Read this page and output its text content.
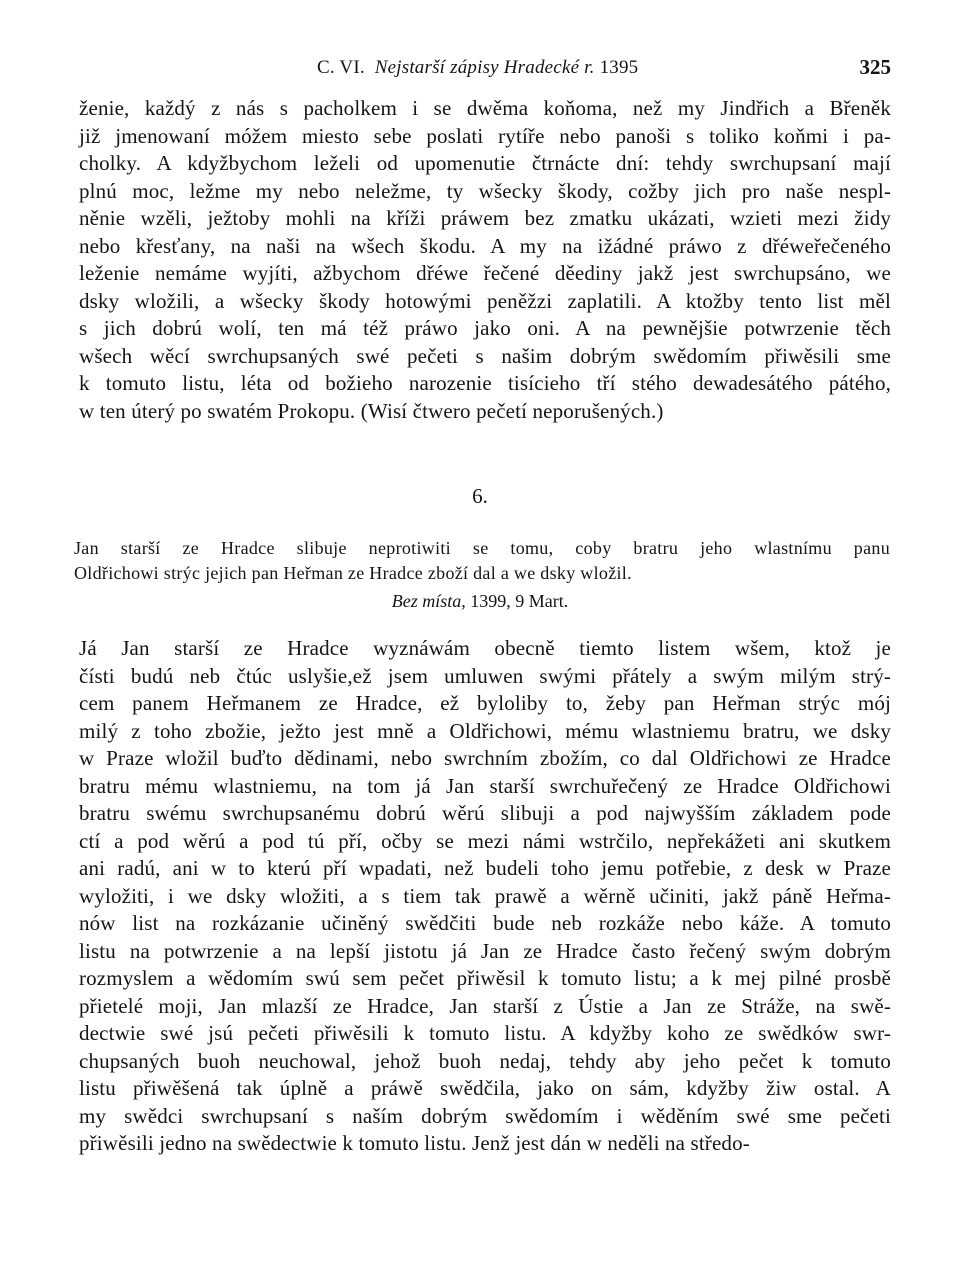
C. VI. Nejstarší zápisy Hradecké r. 1395	325
ženie, každý z nás s pacholkem i se dwěma koňoma, než my Jindřich a Břeněk
již jmenowaní móžem miesto sebe poslati rytíře nebo panoši s toliko koňmi i pa-
cholky. A kdyžbychom leželi od upomenutie čtrnácte dní: tehdy swrchupsaní mají
plnú moc, ležme my nebo neležme, ty wšecky škody, cožby jich pro naše nespl-
něnie wzěli, ježtoby mohli na kříži práwem bez zmatku ukázati, wzieti mezi židy
nebo křesťany, na naši na wšech škodu. A my na ižádné práwo z dřéweřečeného
leženie nemáme wyjíti, ažbychom dřéwe řečené děediny jakž jest swrchupsáno, we
dsky wložili, a wšecky škody hotowými peněžzi zaplatili. A ktožby tento list měl
s jich dobrú wolí, ten má též práwo jako oni. A na pewnějšie potwrzenie těch
wšech wěcí swrchupsaných swé pečeti s našim dobrým swědomím přiwěsili sme
k tomuto listu, léta od božieho narozenie tisícieho tří stého dewadesátého pátého,
w ten úterý po swatém Prokopu. (Wisí čtwero pečetí neporušených.)
6.
Jan starší ze Hradce slibuje neprotiwiti se tomu, coby bratru jeho wlastnímu panu
Oldřichowi strýc jejich pan Heřman ze Hradce zboží dal a we dsky wložil.
Bez místa, 1399, 9 Mart.
Já Jan starší ze Hradce wyznáwám obecně tiemto listem wšem, ktož je
čísti budú neb čtúc uslyšie,ež jsem umluwen swými přátely a swým milým strý-
cem panem Heřmanem ze Hradce, ež byloliby to, žeby pan Heřman strýc mój
milý z toho zbožie, ježto jest mně a Oldřichowi, mému wlastniemu bratru, we dsky
w Praze wložil buďto dědinami, nebo swrchním zbožím, co dal Oldřichowi ze Hradce
bratru mému wlastniemu, na tom já Jan starší swrchuřečený ze Hradce Oldřichowi
bratru swému swrchupsanému dobrú wěrú slibuji a pod najwyšším základem pode
ctí a pod wěrú a pod tú pří, očby se mezi námi wstrčilo, nepřekážeti ani skutkem
ani radú, ani w to kterú pří wpadati, než budeli toho jemu potřebie, z desk w Praze
wyložiti, i we dsky wložiti, a s tiem tak prawě a wěrně učiniti, jakž páně Heřma-
nów list na rozkázanie učiněný swědčiti bude neb rozkáže nebo káže. A tomuto
listu na potwrzenie a na lepší jistotu já Jan ze Hradce často řečený swým dobrým
rozmyslem a wědomím swú sem pečet přiwěsil k tomuto listu; a k mej pilné prosbě
přietelé moji, Jan mlazší ze Hradce, Jan starší z Ústie a Jan ze Stráže, na swě-
dectwie swé jsú pečeti přiwěsili k tomuto listu. A kdyžby koho ze swědków swr-
chupsaných buoh neuchowal, jehož buoh nedaj, tehdy aby jeho pečet k tomuto
listu přiwěšená tak úplně a práwě swědčila, jako on sám, kdyžby žiw ostal. A
my swědci swrchupsaní s naším dobrým swědomím i wěděním swé sme pečeti
přiwěsili jedno na swědectwie k tomuto listu. Jenž jest dán w neděli na středo-
